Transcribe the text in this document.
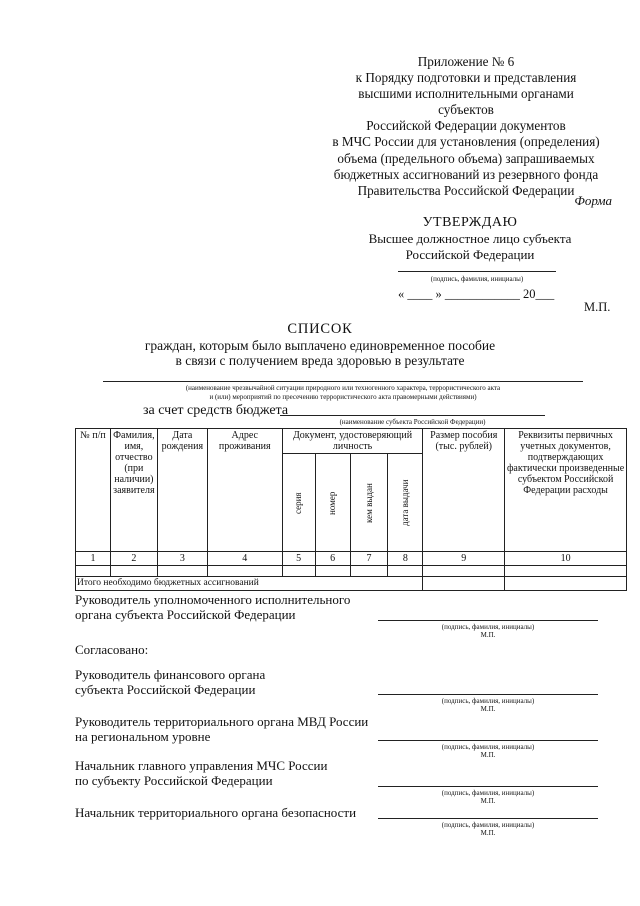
Приложение № 6
к Порядку подготовки и представления
высшими исполнительными органами субъектов
Российской Федерации документов
в МЧС России для установления (определения)
объема (предельного объема) запрашиваемых
бюджетных ассигнований из резервного фонда
Правительства Российской Федерации
Форма
УТВЕРЖДАЮ
Высшее должностное лицо субъекта
Российской Федерации
(подпись, фамилия, инициалы)
« ____ » ____________ 20___
М.П.
СПИСОК
граждан, которым было выплачено единовременное пособие
в связи с получением вреда здоровью в результате
(наименование чрезвычайной ситуации природного или техногенного характера, террористического акта
и (или) мероприятий по пресечению террористического акта правомерными действиями)
за счет средств бюджета
(наименование субъекта Российской Федерации)
№ п/п	Фамилия, имя, отчество (при наличии) заявителя	Дата рождения	Адрес проживания	Документ, удостоверяющий личность				Размер пособия (тыс. рублей)	Реквизиты первичных учетных документов, подтверждающих фактически произведенные субъектом Российской Федерации расходы

				серия	номер	кем выдан	дата выдачи		

1	2	3	4	5	6	7	8	9	10

Итого необходимо бюджетных ассигнований									
Руководитель уполномоченного исполнительного
органа субъекта Российской Федерации
(подпись, фамилия, инициалы)
М.П.
Согласовано:
Руководитель финансового органа
субъекта Российской Федерации
(подпись, фамилия, инициалы)
М.П.
Руководитель территориального органа МВД России
на региональном уровне
(подпись, фамилия, инициалы)
М.П.
Начальник главного управления МЧС России
по субъекту Российской Федерации
(подпись, фамилия, инициалы)
М.П.
Начальник территориального органа безопасности
(подпись, фамилия, инициалы)
М.П.
